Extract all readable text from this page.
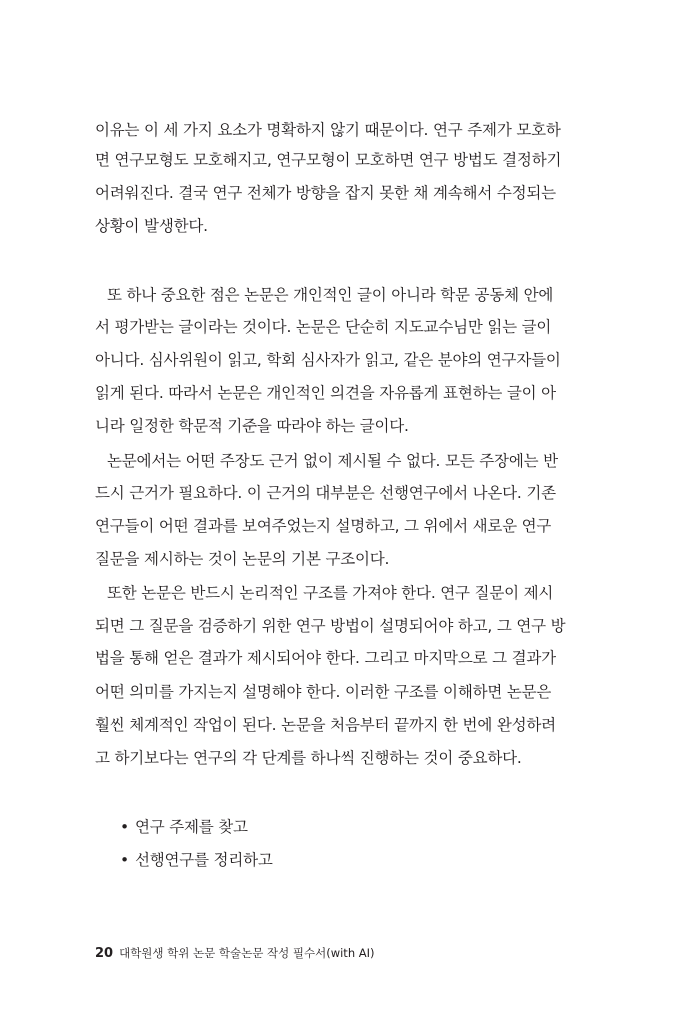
이유는 이 세 가지 요소가 명확하지 않기 때문이다. 연구 주제가 모호하
면 연구모형도 모호해지고, 연구모형이 모호하면 연구 방법도 결정하기
어려워진다. 결국 연구 전체가 방향을 잡지 못한 채 계속해서 수정되는
상황이 발생한다.
또 하나 중요한 점은 논문은 개인적인 글이 아니라 학문 공동체 안에
서 평가받는 글이라는 것이다. 논문은 단순히 지도교수님만 읽는 글이
아니다. 심사위원이 읽고, 학회 심사자가 읽고, 같은 분야의 연구자들이
읽게 된다. 따라서 논문은 개인적인 의견을 자유롭게 표현하는 글이 아
니라 일정한 학문적 기준을 따라야 하는 글이다.
논문에서는 어떤 주장도 근거 없이 제시될 수 없다. 모든 주장에는 반
드시 근거가 필요하다. 이 근거의 대부분은 선행연구에서 나온다. 기존
연구들이 어떤 결과를 보여주었는지 설명하고, 그 위에서 새로운 연구
질문을 제시하는 것이 논문의 기본 구조이다.
또한 논문은 반드시 논리적인 구조를 가져야 한다. 연구 질문이 제시
되면 그 질문을 검증하기 위한 연구 방법이 설명되어야 하고, 그 연구 방
법을 통해 얻은 결과가 제시되어야 한다. 그리고 마지막으로 그 결과가
어떤 의미를 가지는지 설명해야 한다. 이러한 구조를 이해하면 논문은
훨씬 체계적인 작업이 된다. 논문을 처음부터 끝까지 한 번에 완성하려
고 하기보다는 연구의 각 단계를 하나씩 진행하는 것이 중요하다.
• 연구 주제를 찾고
• 선행연구를 정리하고
20 대학원생 학위 논문 학술논문 작성 필수서(with AI)
